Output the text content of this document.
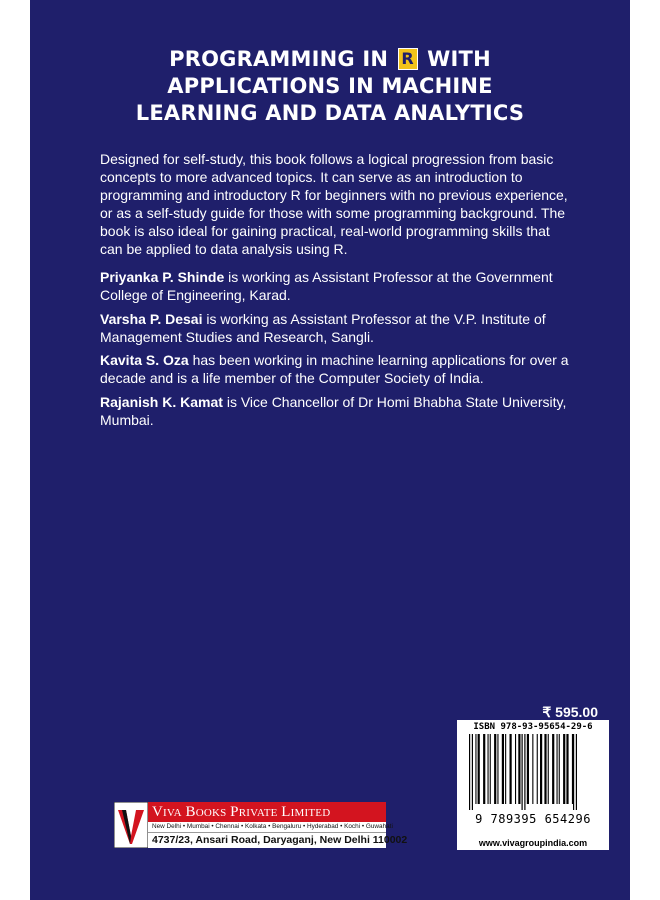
PROGRAMMING IN R WITH
APPLICATIONS IN MACHINE
LEARNING AND DATA ANALYTICS

Designed for self-study, this book follows a logical progression from basic concepts to more advanced topics. It can serve as an introduction to programming and introductory R for beginners with no previous experience, or as a self-study guide for those with some programming background. The book is also ideal for gaining practical, real-world programming skills that can be applied to data analysis using R.

Priyanka P. Shinde is working as Assistant Professor at the Government College of Engineering, Karad.

Varsha P. Desai is working as Assistant Professor at the V.P. Institute of Management Studies and Research, Sangli.

Kavita S. Oza has been working in machine learning applications for over a decade and is a life member of the Computer Society of India.

Rajanish K. Kamat is Vice Chancellor of Dr Homi Bhabha State University, Mumbai.

₹ 595.00
ISBN 978-93-95654-29-6
9 789395 654296
www.vivagroupindia.com
VIVA BOOKS PRIVATE LIMITED
New Delhi • Mumbai • Chennai • Kolkata • Bengaluru • Hyderabad • Kochi • Guwahati
4737/23, Ansari Road, Daryaganj, New Delhi 110002
